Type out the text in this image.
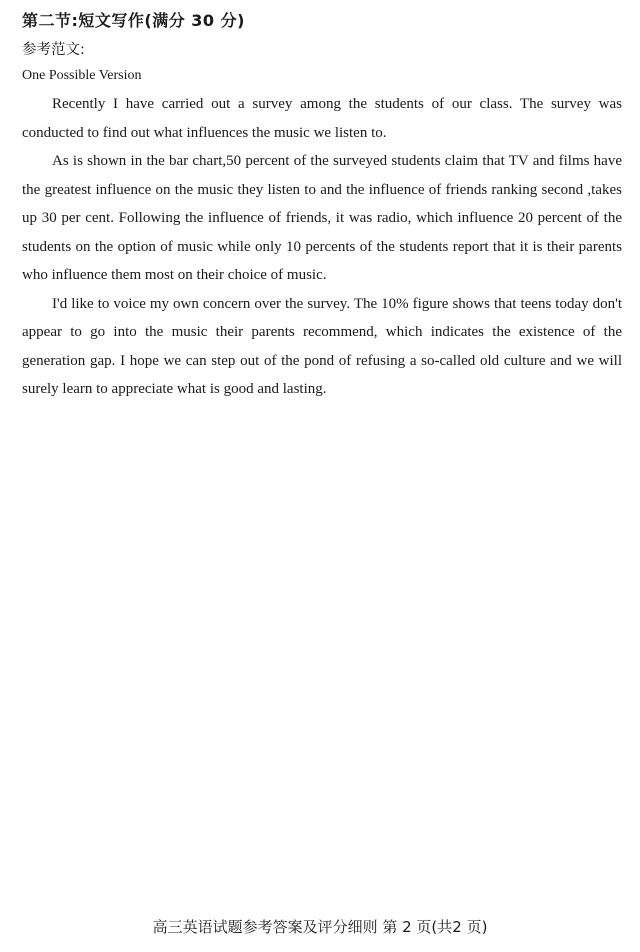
第二节:短文写作(满分 30 分)
参考范文:
One Possible Version

Recently I have carried out a survey among the students of our class. The survey was conducted to find out what influences the music we listen to.

As is shown in the bar chart,50 percent of the surveyed students claim that TV and films have the greatest influence on the music they listen to and the influence of friends ranking second ,takes up 30 per cent. Following the influence of friends, it was radio, which influence 20 percent of the students on the option of music while only 10 percents of the students report that it is their parents who influence them most on their choice of music.

I'd like to voice my own concern over the survey. The 10% figure shows that teens today don't appear to go into the music their parents recommend, which indicates the existence of the generation gap. I hope we can step out of the pond of refusing a so-called old culture and we will surely learn to appreciate what is good and lasting.

高三英语试题参考答案及评分细则 第 2 页(共2 页)
